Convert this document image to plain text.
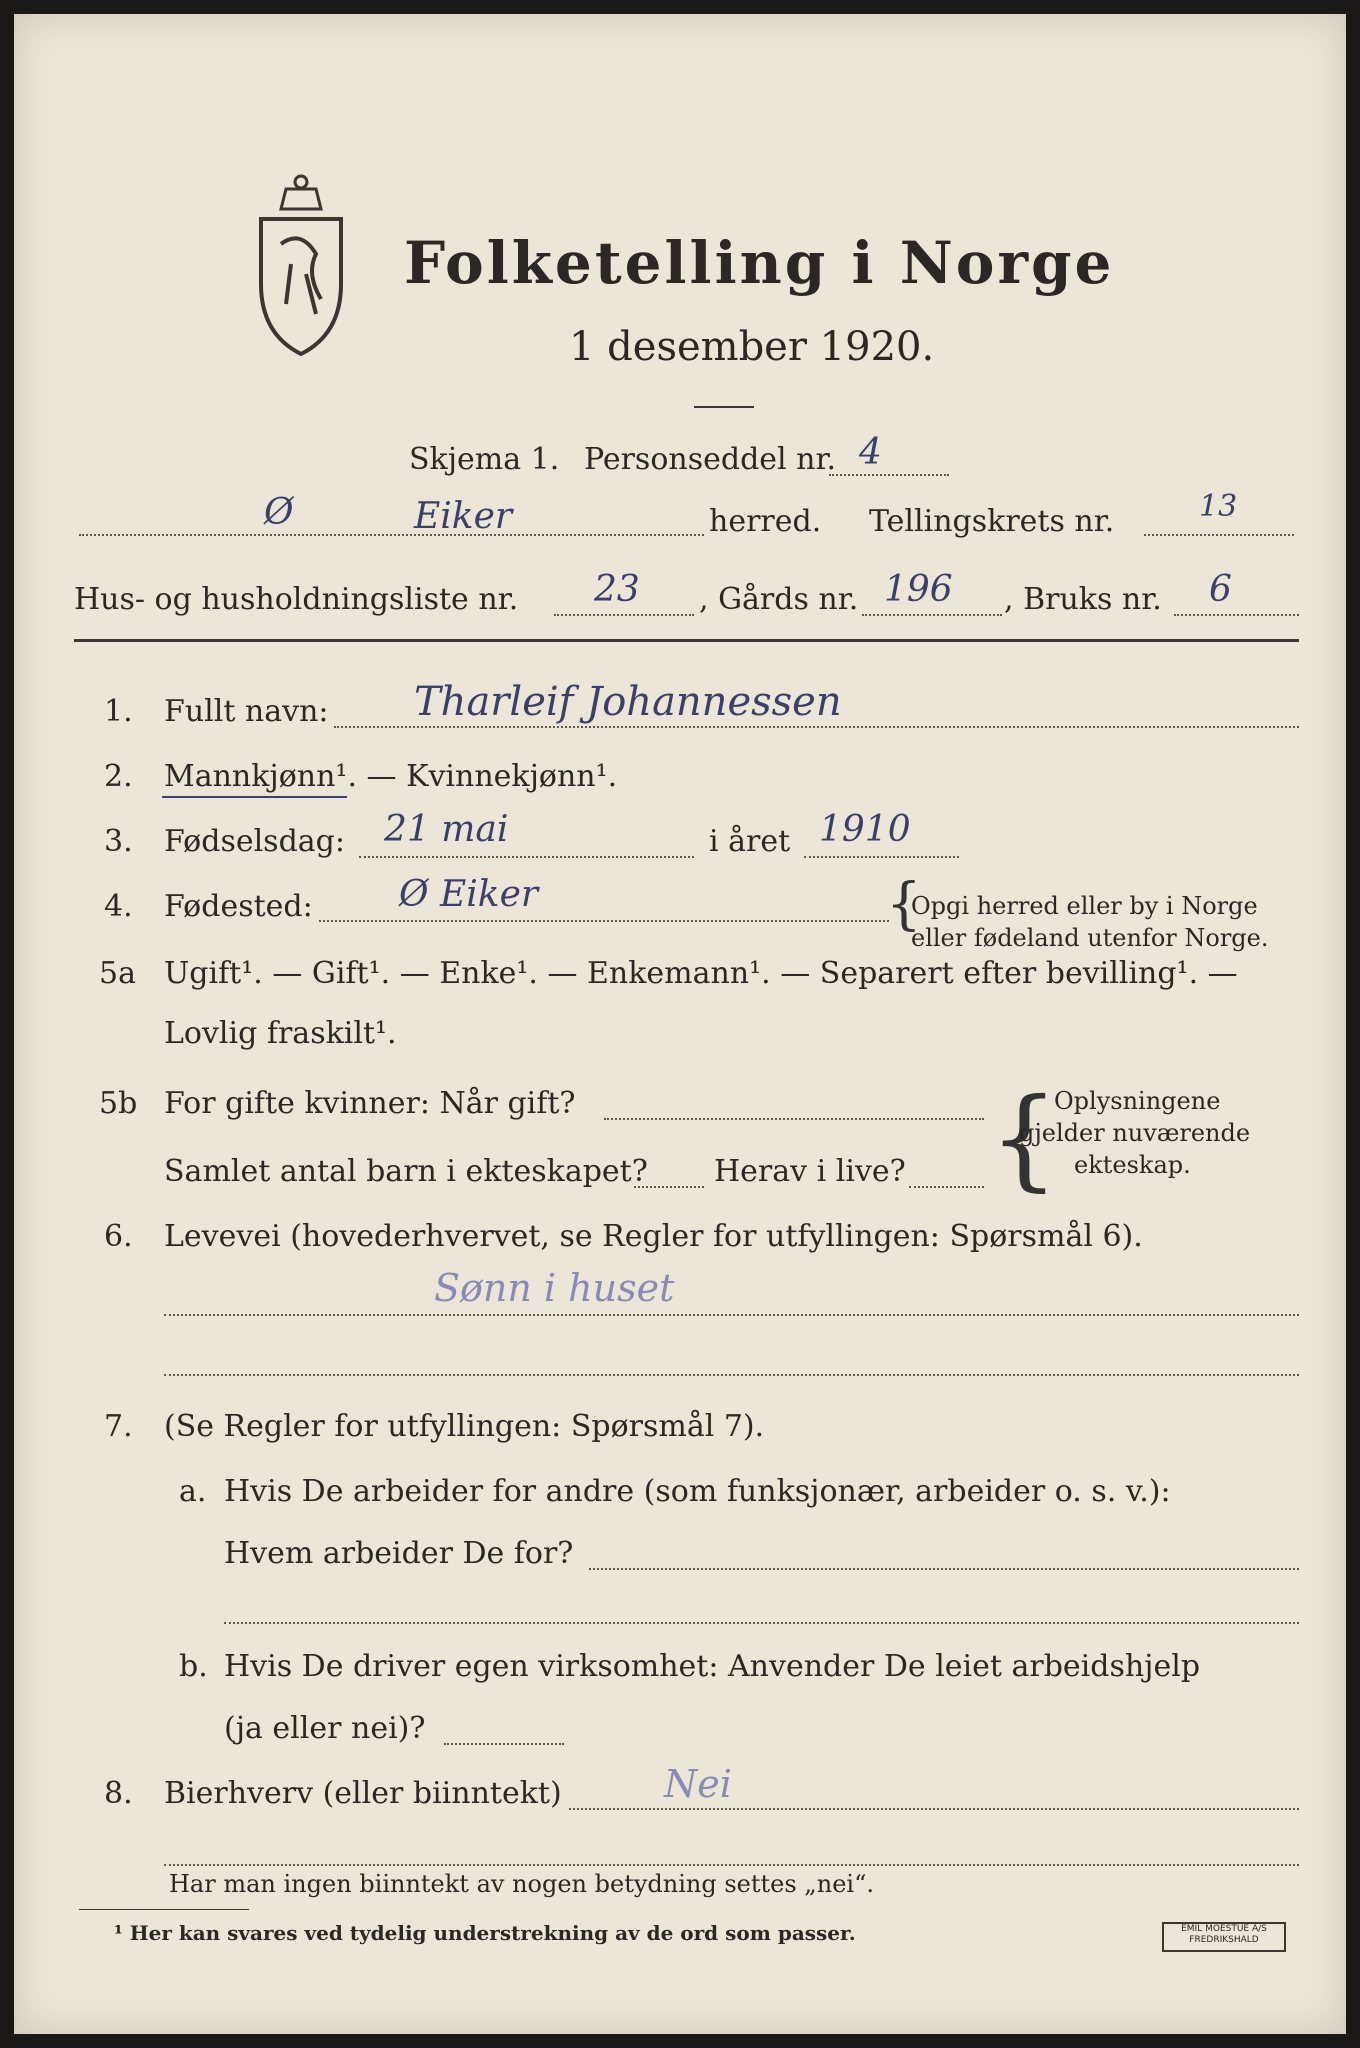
Folketelling i Norge
1 desember 1920.
Skjema 1. Personseddel nr. 4
Ø	Eiker	herred. Tellingskrets nr.	13
Hus- og husholdningsliste nr. 23 , Gårds nr. 196 , Bruks nr. 6
1. Fullt navn: Tharleif Johannessen
2. Mannkjønn¹. — Kvinnekjønn¹.
3. Fødselsdag: 21 mai	i året 1910
4. Fødested: Ø Eiker	{
Opgi herred eller by i Norge
eller fødeland utenfor Norge.
5a Ugift¹. — Gift¹. — Enke¹. — Enkemann¹. — Separert efter bevilling¹. —
Lovlig fraskilt¹.
5b For gifte kvinner: Når gift?
Samlet antal barn i ekteskapet? Herav i live? {
Oplysningene
gjelder nuværende
ekteskap.
6. Levevei (hovederhvervet, se Regler for utfyllingen: Spørsmål 6).
Sønn i huset
7. (Se Regler for utfyllingen: Spørsmål 7).
a. Hvis De arbeider for andre (som funksjonær, arbeider o. s. v.):
Hvem arbeider De for?
b. Hvis De driver egen virksomhet: Anvender De leiet arbeidshjelp
(ja eller nei)?
8. Bierhverv (eller biinntekt)	Nei
Har man ingen biinntekt av nogen betydning settes „nei“.
¹ Her kan svares ved tydelig understrekning av de ord som passer.	EMIL MOESTUE A/S
FREDRIKSHALD
